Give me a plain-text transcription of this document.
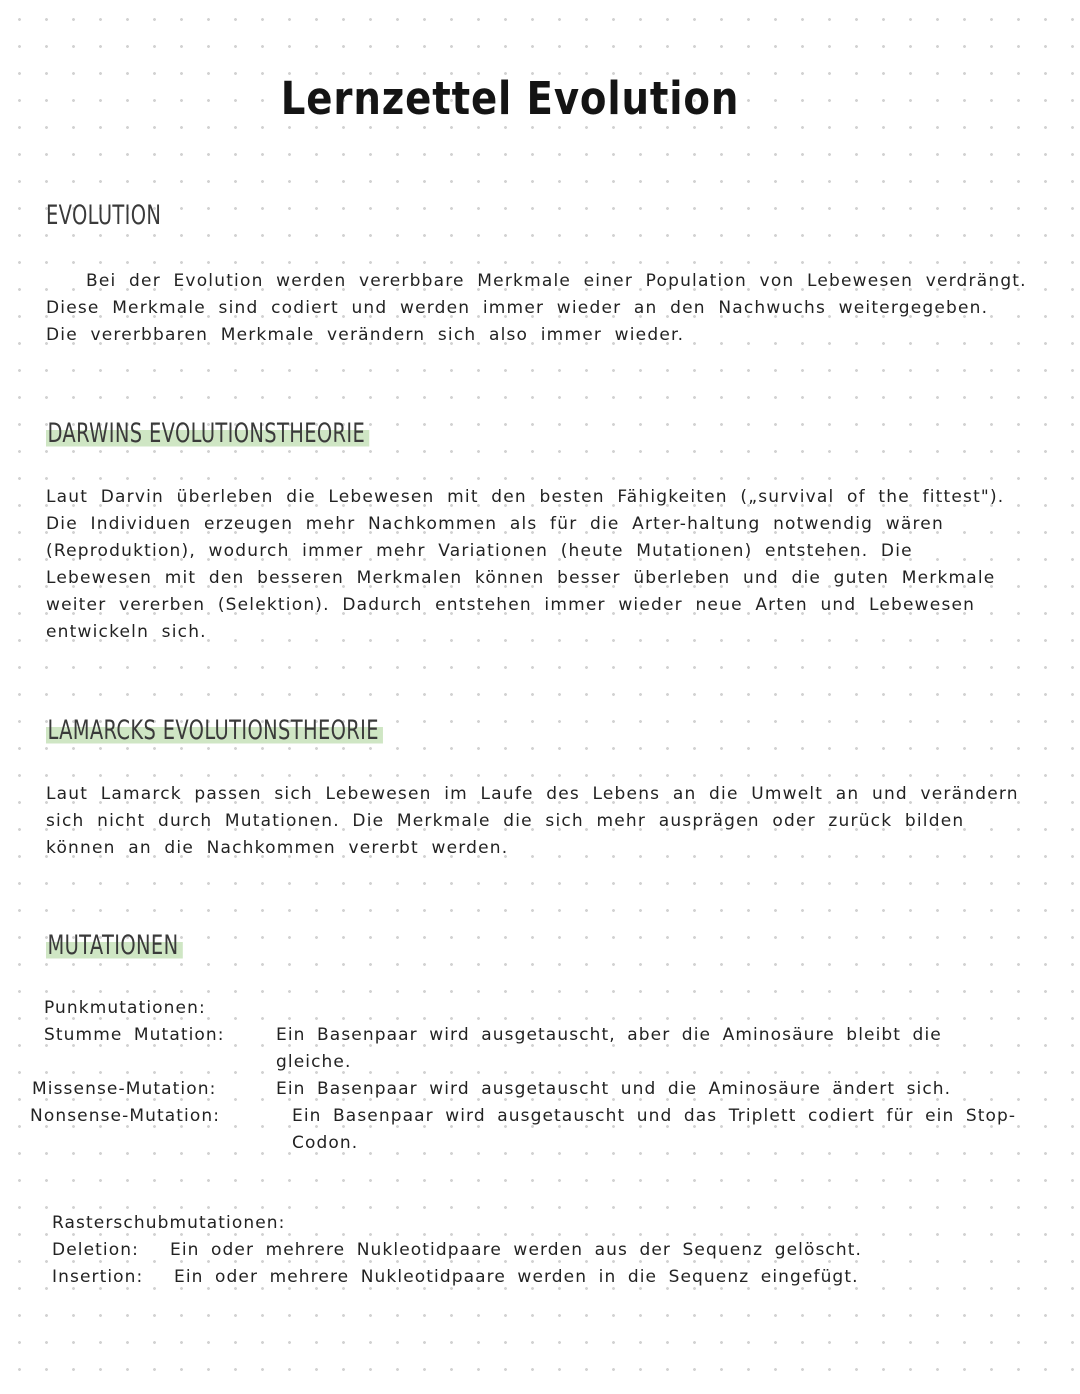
Lernzettel Evolution
EVOLUTION

Bei der Evolution werden vererbbare Merkmale einer Population von Lebewesen verdrängt. Diese Merkmale sind codiert und werden immer wieder an den Nachwuchs weitergegeben. Die vererbbaren Merkmale verändern sich also immer wieder.

DARWINS EVOLUTIONSTHEORIE

Laut Darvin überleben die Lebewesen mit den besten Fähigkeiten („survival of the fittest"). Die Individuen erzeugen mehr Nachkommen als für die Arter-haltung notwendig wären (Reproduktion), wodurch immer mehr Variationen (heute Mutationen) entstehen. Die Lebewesen mit den besseren Merkmalen können besser überleben und die guten Merkmale weiter vererben (Selektion). Dadurch entstehen immer wieder neue Arten und Lebewesen entwickeln sich.

LAMARCKS EVOLUTIONSTHEORIE

Laut Lamarck passen sich Lebewesen im Laufe des Lebens an die Umwelt an und verändern sich nicht durch Mutationen. Die Merkmale die sich mehr ausprägen oder zurück bilden können an die Nachkommen vererbt werden.

MUTATIONEN
Punkmutationen:
Stumme Mutation:	Ein Basenpaar wird ausgetauscht, aber die Aminosäure bleibt die gleiche.
Missense-Mutation:	Ein Basenpaar wird ausgetauscht und die Aminosäure ändert sich.
Nonsense-Mutation:	Ein Basenpaar wird ausgetauscht und das Triplett codiert für ein Stop-Codon.
Rasterschubmutationen:
Deletion:	Ein oder mehrere Nukleotidpaare werden aus der Sequenz gelöscht.
Insertion:	Ein oder mehrere Nukleotidpaare werden in die Sequenz eingefügt.
